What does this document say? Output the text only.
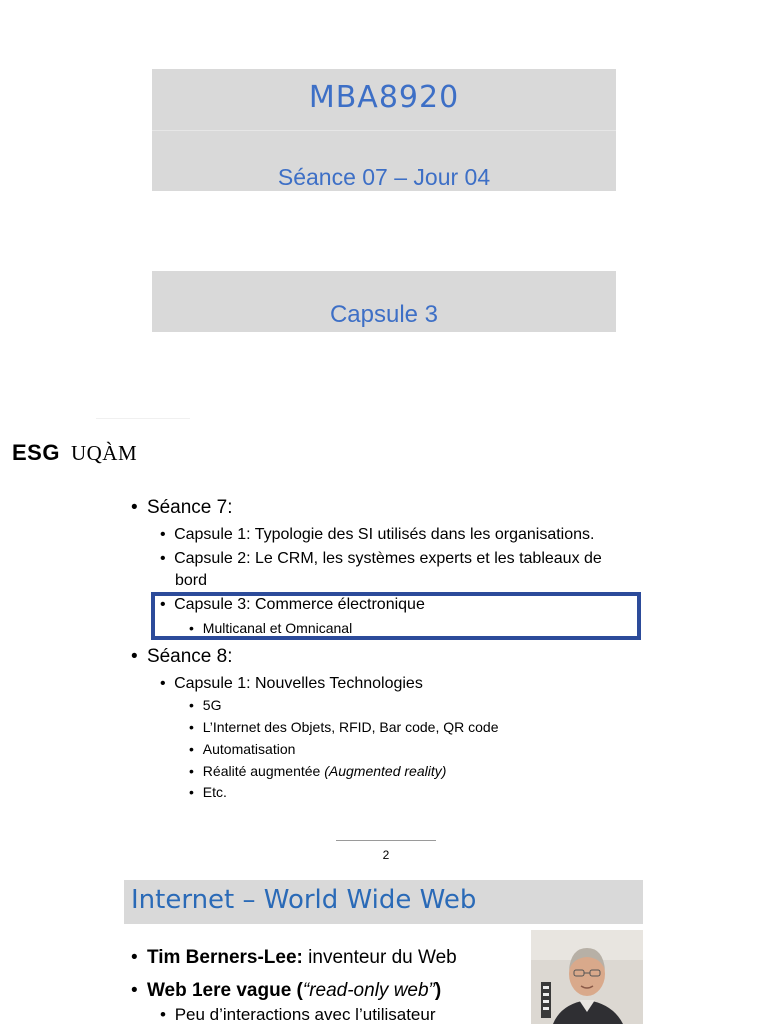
MBA8920
Séance 07 – Jour 04
Capsule 3
ESG UQÀM
• Séance 7:
• Capsule 1: Typologie des SI utilisés dans les organisations.
• Capsule 2: Le CRM, les systèmes experts et les tableaux de
bord
• Capsule 3: Commerce électronique
• Multicanal et Omnicanal
• Séance 8:
• Capsule 1: Nouvelles Technologies
• 5G
• L’Internet des Objets, RFID, Bar code, QR code
• Automatisation
• Réalité augmentée (Augmented reality)
• Etc.
2
Internet – World Wide Web
• Tim Berners-Lee: inventeur du Web
• Web 1ere vague (“read-only web”)
• Peu d’interactions avec l’utilisateur
